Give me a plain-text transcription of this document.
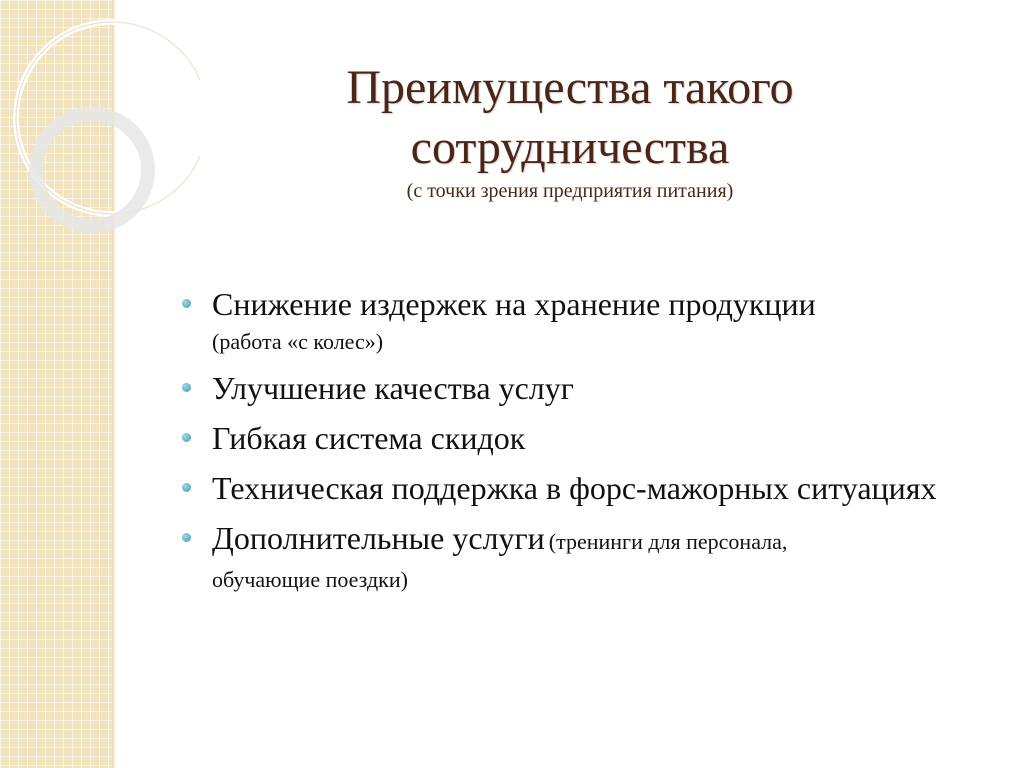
Преимущества такого
сотрудничества
(с точки зрения предприятия питания)
Снижение издержек на хранение продукции
(работа «с колес»)
Улучшение качества услуг
Гибкая система скидок
Техническая поддержка в форс-мажорных ситуациях
Дополнительные услуги (тренинги для персонала,
обучающие поездки)
